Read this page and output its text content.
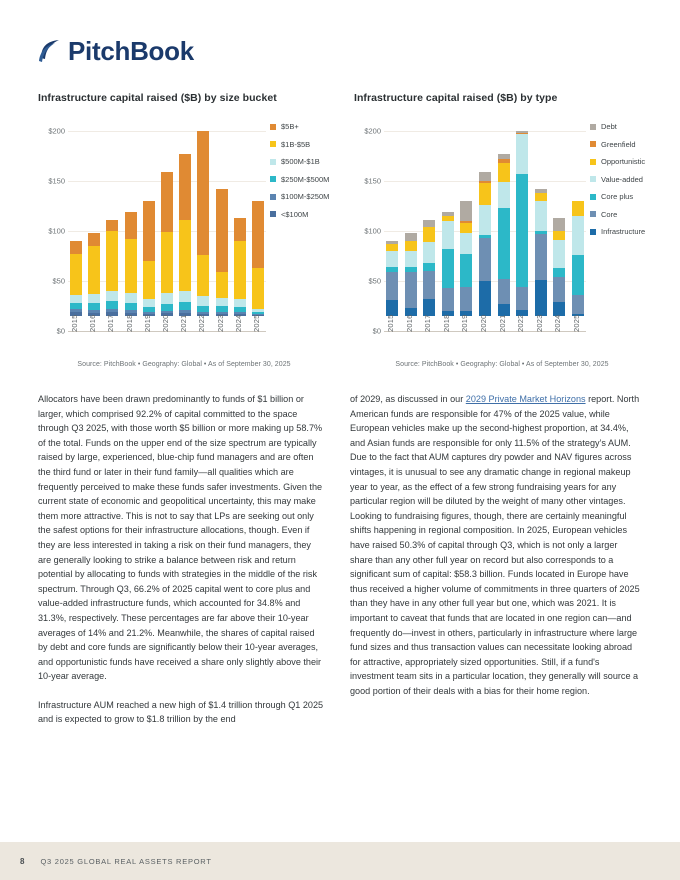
PitchBook
Infrastructure capital raised ($B) by size bucket
$0
$50
$100
$150
$200
2015	2016	2017	2018	2019	2020	2021	2022	2023	2024	2025
$5B+
$1B-$5B
$500M-$1B
$250M-$500M
$100M-$250M
<$100M
Source: PitchBook • Geography: Global • As of September 30, 2025
Infrastructure capital raised ($B) by type
$0
$50
$100
$150
$200
2015	2016	2017	2018	2019	2020	2021	2022	2023	2024	2025
Debt
Greenfield
Opportunistic
Value-added
Core plus
Core
Infrastructure
Source: PitchBook • Geography: Global • As of September 30, 2025

Allocators have been drawn predominantly to funds of $1 billion or larger, which comprised 92.2% of capital committed to the space through Q3 2025, with those worth $5 billion or more making up 58.7% of the total. Funds on the upper end of the size spectrum are typically raised by large, experienced, blue-chip fund managers and are often the third fund or later in their fund family—all qualities which are frequently perceived to make these funds safer investments. Given the current state of economic and geopolitical uncertainty, this may make them more attractive. This is not to say that LPs are seeking out only the safest options for their infrastructure allocations, though. Even if they are less interested in taking a risk on their fund managers, they are generally looking to strike a balance between risk and return potential by allocating to funds with strategies in the middle of the risk spectrum. Through Q3, 66.2% of 2025 capital went to core plus and value-added infrastructure funds, which accounted for 34.8% and 31.3%, respectively. These percentages are far above their 10-year averages of 14% and 21.2%. Meanwhile, the shares of capital raised by debt and core funds are significantly below their 10-year averages, and opportunistic funds have received a share only slightly above their 10-year average.

Infrastructure AUM reached a new high of $1.4 trillion through Q1 2025 and is expected to grow to $1.8 trillion by the end

of 2029, as discussed in our 2029 Private Market Horizons report. North American funds are responsible for 47% of the 2025 value, while European vehicles make up the second-highest proportion, at 34.4%, and Asian funds are responsible for only 11.5% of the strategy’s AUM. Due to the fact that AUM captures dry powder and NAV figures across vintages, it is unusual to see any dramatic change in regional makeup year to year, as the effect of a few strong fundraising years for any particular region will be diluted by the weight of many other vintages. Looking to fundraising figures, though, there are certainly meaningful shifts happening in regional composition. In 2025, European vehicles have raised 50.3% of capital through Q3, which is not only a larger share than any other full year on record but also corresponds to a significant sum of capital: $58.3 billion. Funds located in Europe have thus received a higher volume of commitments in three quarters of 2025 than they have in any other full year but one, which was 2021. It is important to caveat that funds that are located in one region can—and frequently do—invest in others, particularly in infrastructure where large fund sizes and thus transaction values can necessitate looking abroad for attractive, appropriately sized opportunities. Still, if a fund's investment team sits in a particular location, they generally will source a good portion of their deals with a bias for their home region.

8 Q3 2025 GLOBAL REAL ASSETS REPORT
